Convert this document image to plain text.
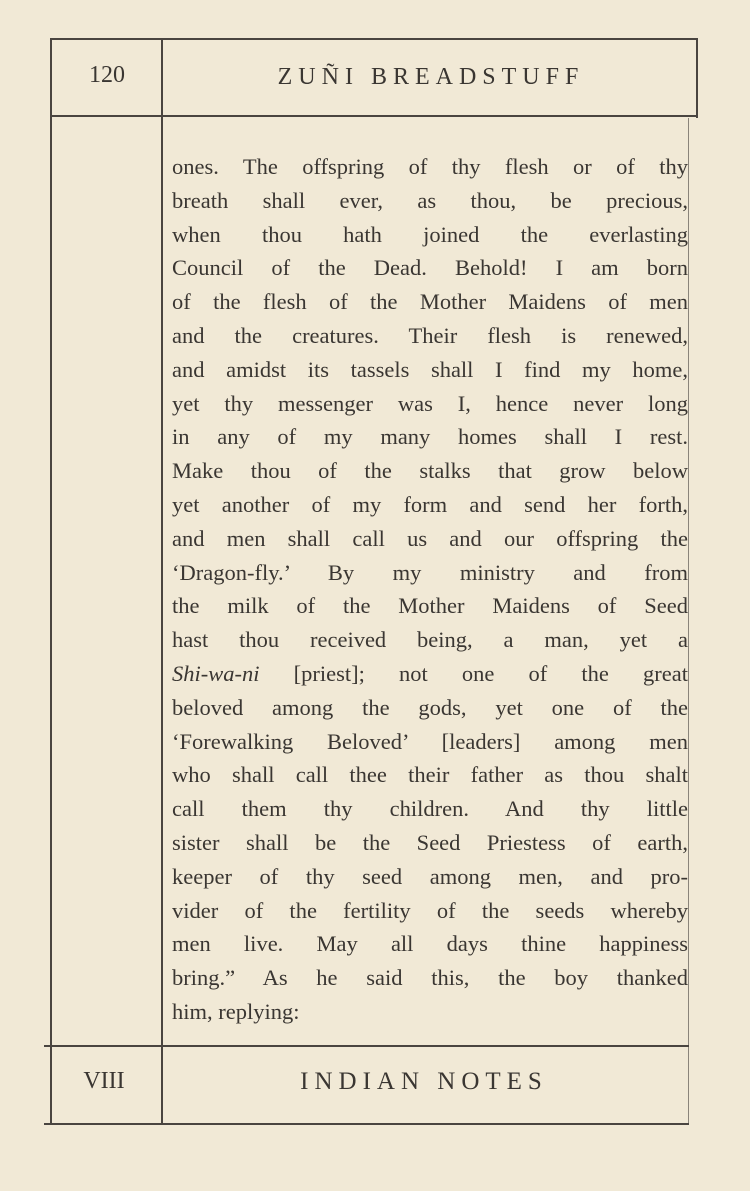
120	ZUÑI BREADSTUFF
ones. The offspring of thy flesh or of thy
breath shall ever, as thou, be precious,
when thou hath joined the everlasting
Council of the Dead. Behold! I am born
of the flesh of the Mother Maidens of men
and the creatures. Their flesh is renewed,
and amidst its tassels shall I find my home,
yet thy messenger was I, hence never long
in any of my many homes shall I rest.
Make thou of the stalks that grow below
yet another of my form and send her forth,
and men shall call us and our offspring the
‘Dragon-fly.’ By my ministry and from
the milk of the Mother Maidens of Seed
hast thou received being, a man, yet a
Shi-wa-ni [priest]; not one of the great
beloved among the gods, yet one of the
‘Forewalking Beloved’ [leaders] among men
who shall call thee their father as thou shalt
call them thy children. And thy little
sister shall be the Seed Priestess of earth,
keeper of thy seed among men, and pro-
vider of the fertility of the seeds whereby
men live. May all days thine happiness
bring.” As he said this, the boy thanked
him, replying:
VIII	INDIAN NOTES
